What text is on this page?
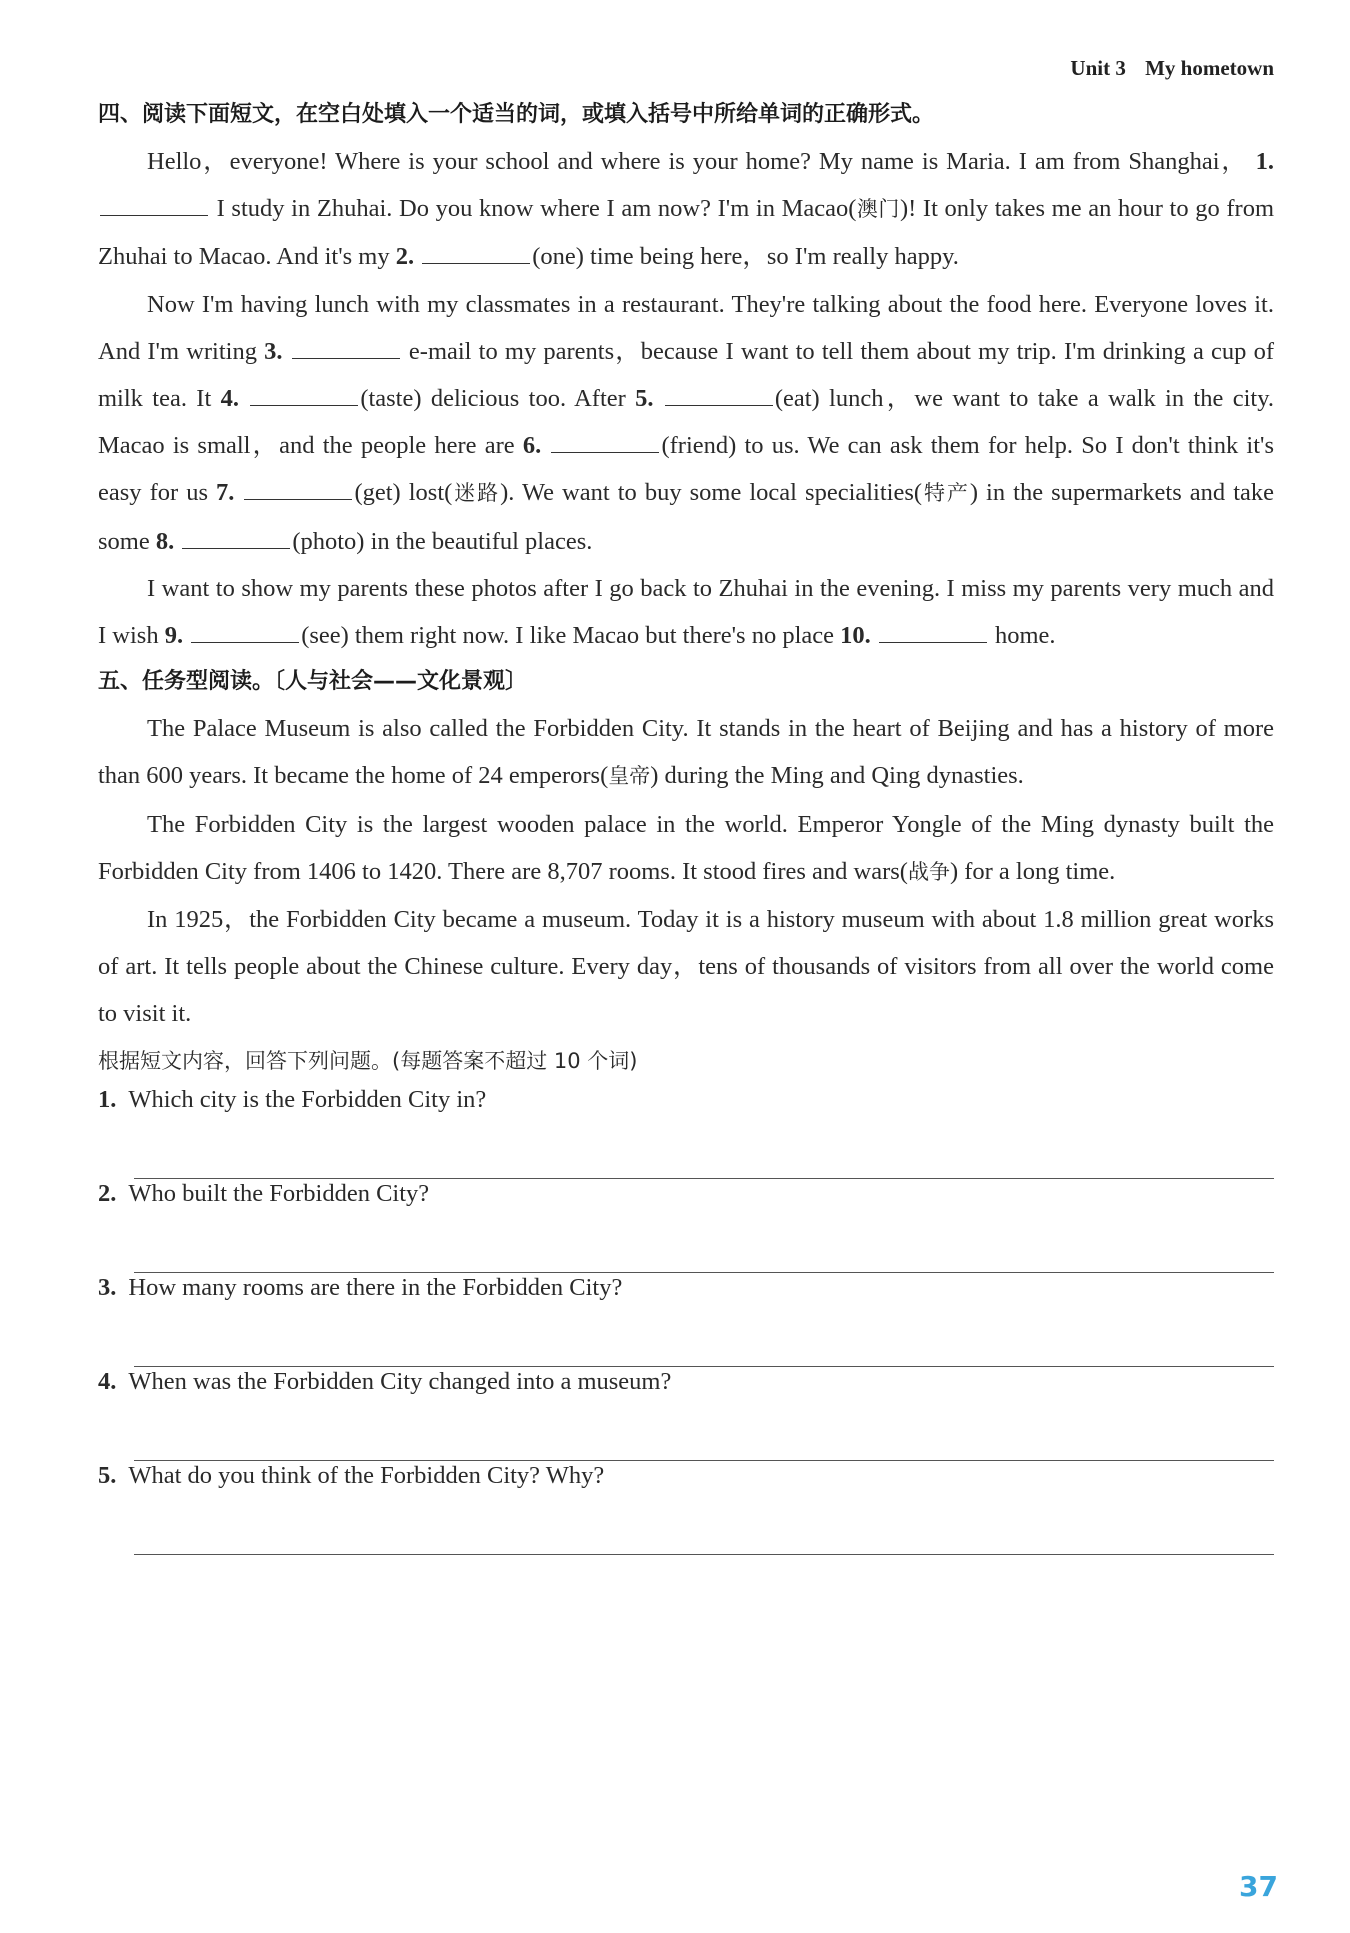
Unit 3 My hometown
四、阅读下面短文，在空白处填入一个适当的词，或填入括号中所给单词的正确形式。

Hello，everyone! Where is your school and where is your home? My name is Maria. I am from Shanghai， 1.  I study in Zhuhai. Do you know where I am now? I'm in Macao(澳门)! It only takes me an hour to go from Zhuhai to Macao. And it's my 2.	(one) time being here，so I'm really happy.

Now I'm having lunch with my classmates in a restaurant. They're talking about the food here. Everyone loves it. And I'm writing 3.	e-mail to my parents，because I want to tell them about my trip. I'm drinking a cup of milk tea. It 4.	(taste) delicious too. After 5.	(eat) lunch，we want to take a walk in the city. Macao is small，and the people here are 6.	(friend) to us. We can ask them for help. So I don't think it's easy for us 7.	(get) lost(迷路). We want to buy some local specialities(特产) in the supermarkets and take some 8.	(photo) in the beautiful places.

I want to show my parents these photos after I go back to Zhuhai in the evening. I miss my parents very much and I wish 9.	(see) them right now. I like Macao but there's no place 10.	home.

五、任务型阅读。〔人与社会——文化景观〕

The Palace Museum is also called the Forbidden City. It stands in the heart of Beijing and has a history of more than 600 years. It became the home of 24 emperors(皇帝) during the Ming and Qing dynasties.

The Forbidden City is the largest wooden palace in the world. Emperor Yongle of the Ming dynasty built the Forbidden City from 1406 to 1420. There are 8,707 rooms. It stood fires and wars(战争) for a long time.

In 1925，the Forbidden City became a museum. Today it is a history museum with about 1.8 million great works of art. It tells people about the Chinese culture. Every day，tens of thousands of visitors from all over the world come to visit it.

根据短文内容，回答下列问题。(每题答案不超过 10 个词)
1. Which city is the Forbidden City in?
2. Who built the Forbidden City?
3. How many rooms are there in the Forbidden City?
4. When was the Forbidden City changed into a museum?
5. What do you think of the Forbidden City? Why?
37
